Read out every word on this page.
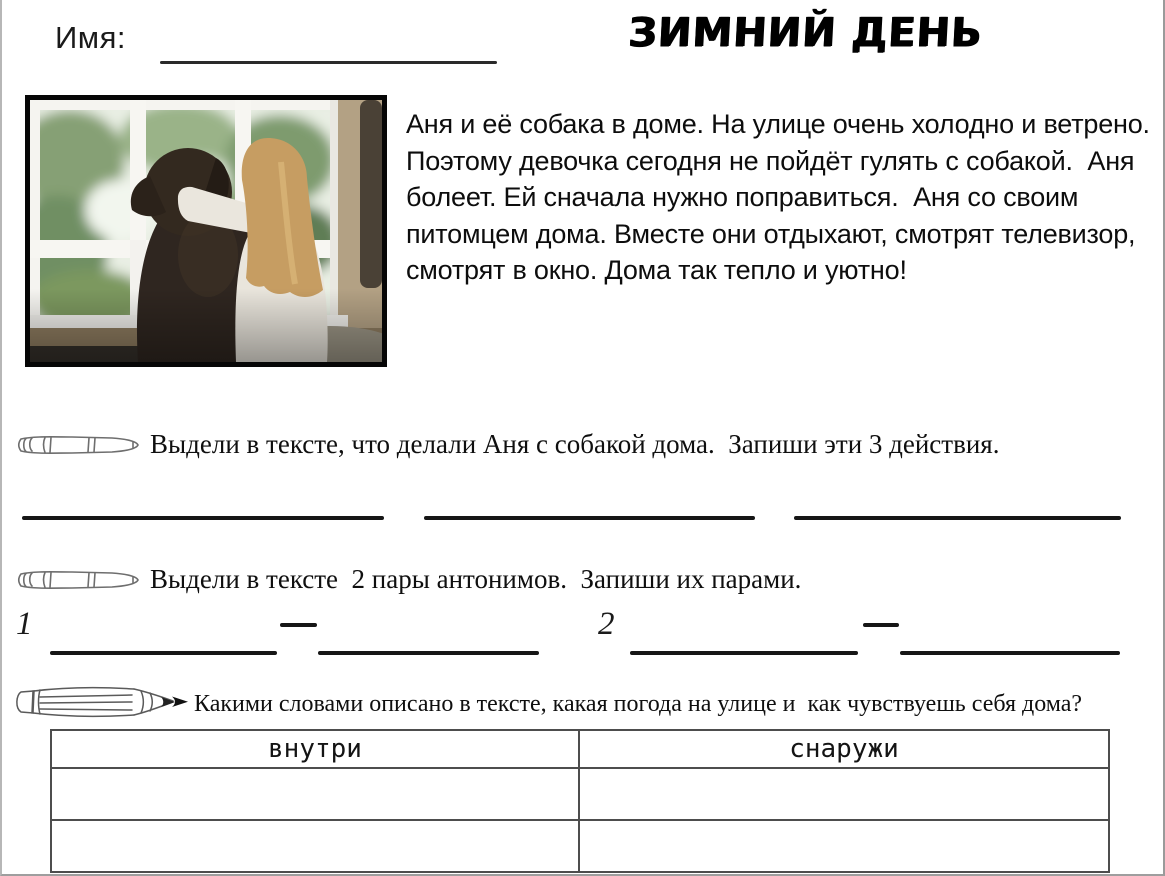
Имя:	ЗИМНИЙ ДЕНЬ
Аня и её собака в доме. На улице очень холодно и ветрено. Поэтому девочка сегодня не пойдёт гулять с собакой.  Аня болеет. Ей сначала нужно поправиться.  Аня со своим питомцем дома. Вместе они отдыхают, смотрят телевизор, смотрят в окно. Дома так тепло и уютно!
Выдели в тексте, что делали Аня с собакой дома.  Запиши эти 3 действия.
Выдели в тексте  2 пары антонимов.  Запиши их парами.
1	2
Какими словами описано в тексте, какая погода на улице и  как чувствуешь себя дома?
внутри	снаружи
